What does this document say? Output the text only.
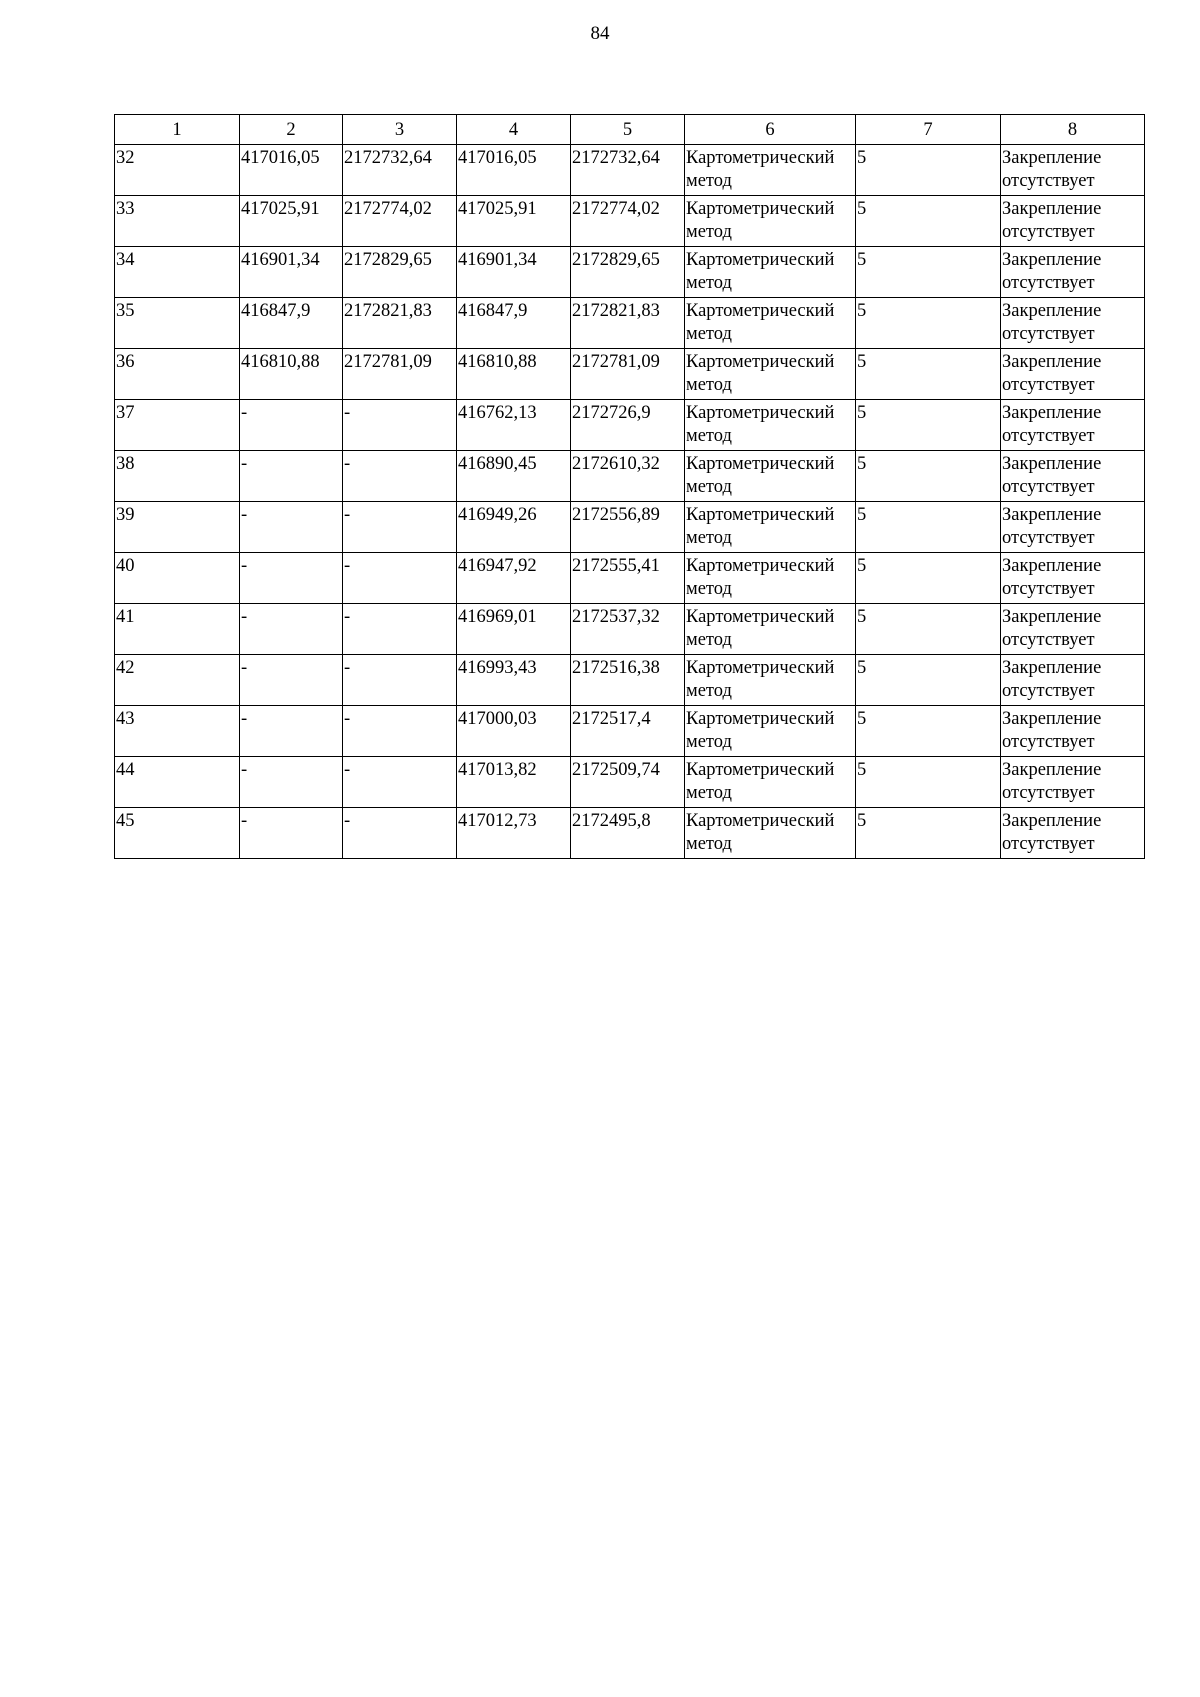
84
1	2	3	4	5	6	7	8
32	417016,05	2172732,64	417016,05	2172732,64	Картометрический метод	5	Закрепление отсутствует
33	417025,91	2172774,02	417025,91	2172774,02	Картометрический метод	5	Закрепление отсутствует
34	416901,34	2172829,65	416901,34	2172829,65	Картометрический метод	5	Закрепление отсутствует
35	416847,9	2172821,83	416847,9	2172821,83	Картометрический метод	5	Закрепление отсутствует
36	416810,88	2172781,09	416810,88	2172781,09	Картометрический метод	5	Закрепление отсутствует
37	-	-	416762,13	2172726,9	Картометрический метод	5	Закрепление отсутствует
38	-	-	416890,45	2172610,32	Картометрический метод	5	Закрепление отсутствует
39	-	-	416949,26	2172556,89	Картометрический метод	5	Закрепление отсутствует
40	-	-	416947,92	2172555,41	Картометрический метод	5	Закрепление отсутствует
41	-	-	416969,01	2172537,32	Картометрический метод	5	Закрепление отсутствует
42	-	-	416993,43	2172516,38	Картометрический метод	5	Закрепление отсутствует
43	-	-	417000,03	2172517,4	Картометрический метод	5	Закрепление отсутствует
44	-	-	417013,82	2172509,74	Картометрический метод	5	Закрепление отсутствует
45	-	-	417012,73	2172495,8	Картометрический метод	5	Закрепление отсутствует
